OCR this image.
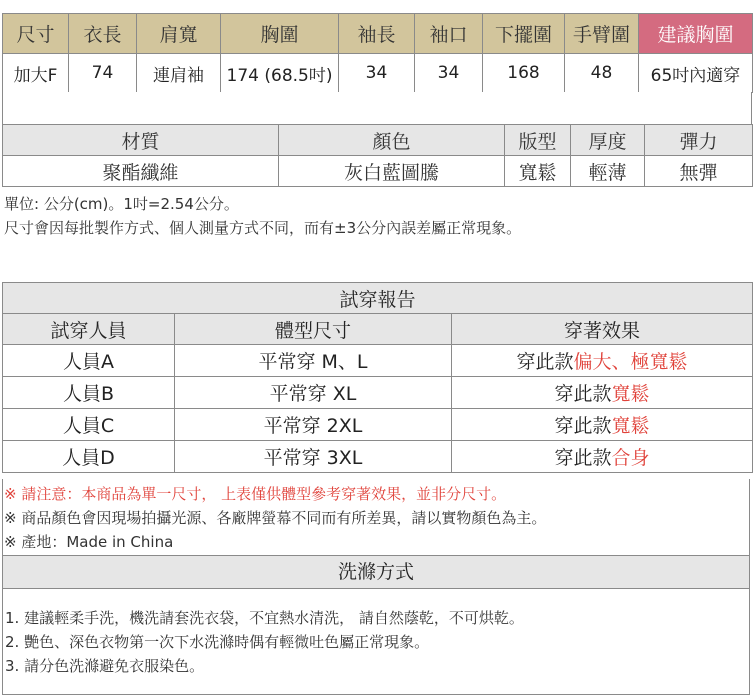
尺寸	衣長	肩寬	胸圍	袖長	袖口	下擺圍	手臂圍	建議胸圍
加大F	74	連肩袖	174 (68.5吋)	34	34	168	48	65吋內適穿
材質	顏色	版型	厚度	彈力
聚酯纖維	灰白藍圖騰	寬鬆	輕薄	無彈
單位: 公分(cm)。1吋=2.54公分。
尺寸會因每批製作方式、個人測量方式不同，而有±3公分內誤差屬正常現象。
試穿報告		
試穿人員	體型尺寸	穿著效果
人員A	平常穿 M、L	穿此款偏大、極寬鬆
人員B	平常穿 XL	穿此款寬鬆
人員C	平常穿 2XL	穿此款寬鬆
人員D	平常穿 3XL	穿此款合身
※ 請注意：本商品為單一尺寸， 上表僅供體型參考穿著效果，並非分尺寸。
※ 商品顏色會因現場拍攝光源、各廠牌螢幕不同而有所差異，請以實物顏色為主。
※ 產地：Made in China
洗滌方式
1. 建議輕柔手洗，機洗請套洗衣袋，不宜熱水清洗， 請自然蔭乾，不可烘乾。
2. 艷色、深色衣物第一次下水洗滌時偶有輕微吐色屬正常現象。
3. 請分色洗滌避免衣服染色。
